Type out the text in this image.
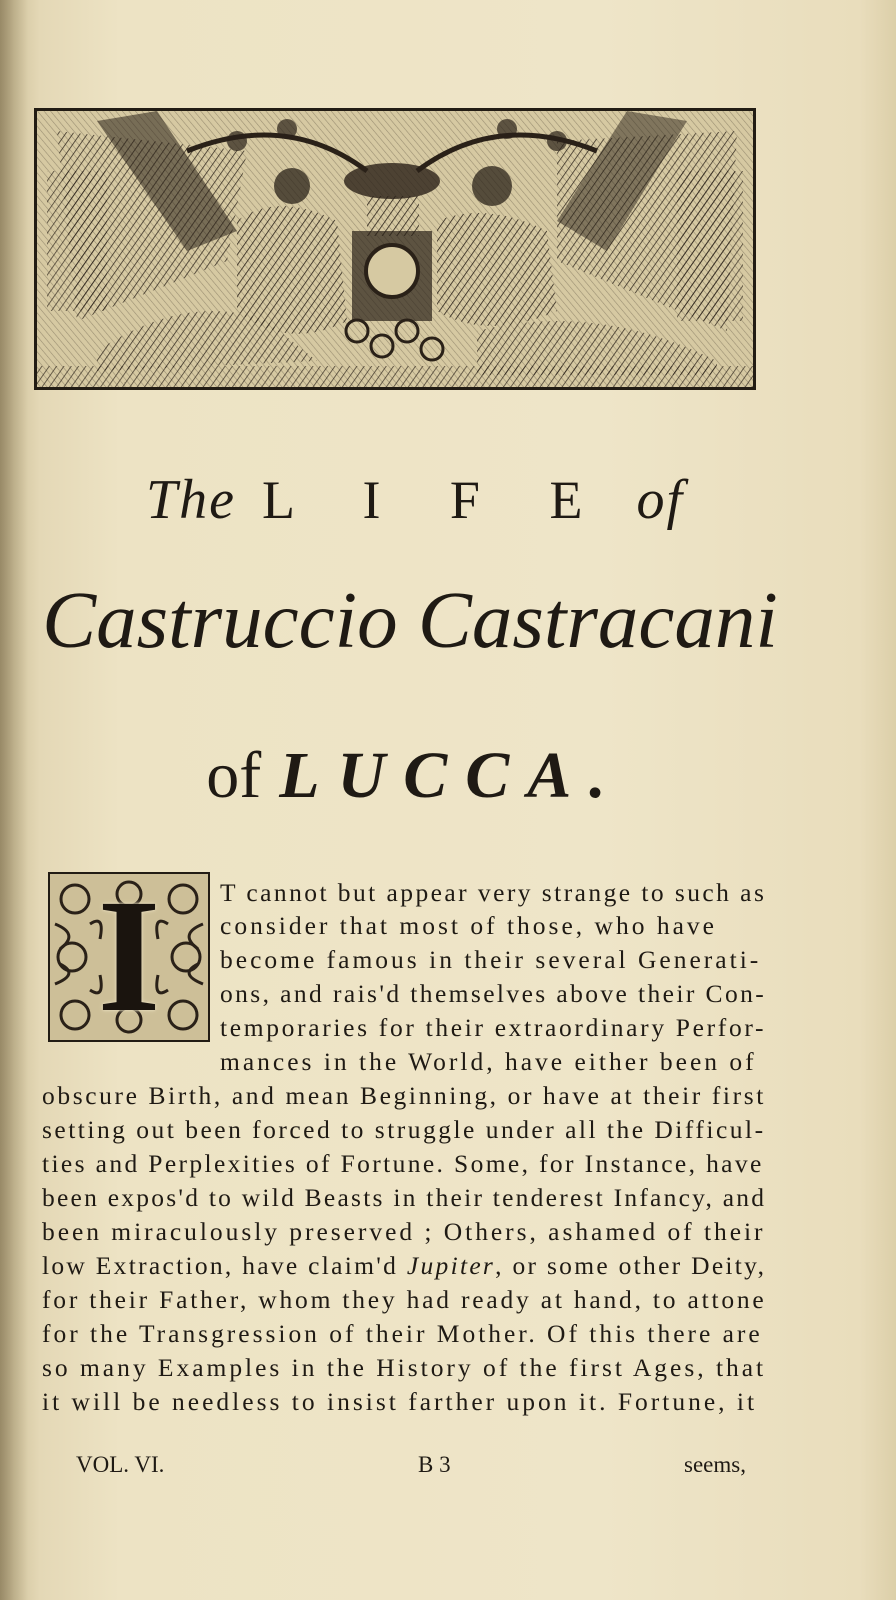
The L I F E of
Castruccio Castracani
of LUCCA.
I	T cannot but appear very strange to such as
consider that most of those, who have
become famous in their several Generati-
ons, and rais'd themselves above their Con-
temporaries for their extraordinary Perfor-
mances in the World, have either been of
obscure Birth, and mean Beginning, or have at their first
setting out been forced to struggle under all the Difficul-
ties and Perplexities of Fortune. Some, for Instance, have
been expos'd to wild Beasts in their tenderest Infancy, and
been miraculously preserved ; Others, ashamed of their
low Extraction, have claim'd Jupiter, or some other Deity,
for their Father, whom they had ready at hand, to attone
for the Transgression of their Mother. Of this there are
so many Examples in the History of the first Ages, that
it will be needless to insist farther upon it. Fortune, it
VOL. VI.	B 3	seems,
